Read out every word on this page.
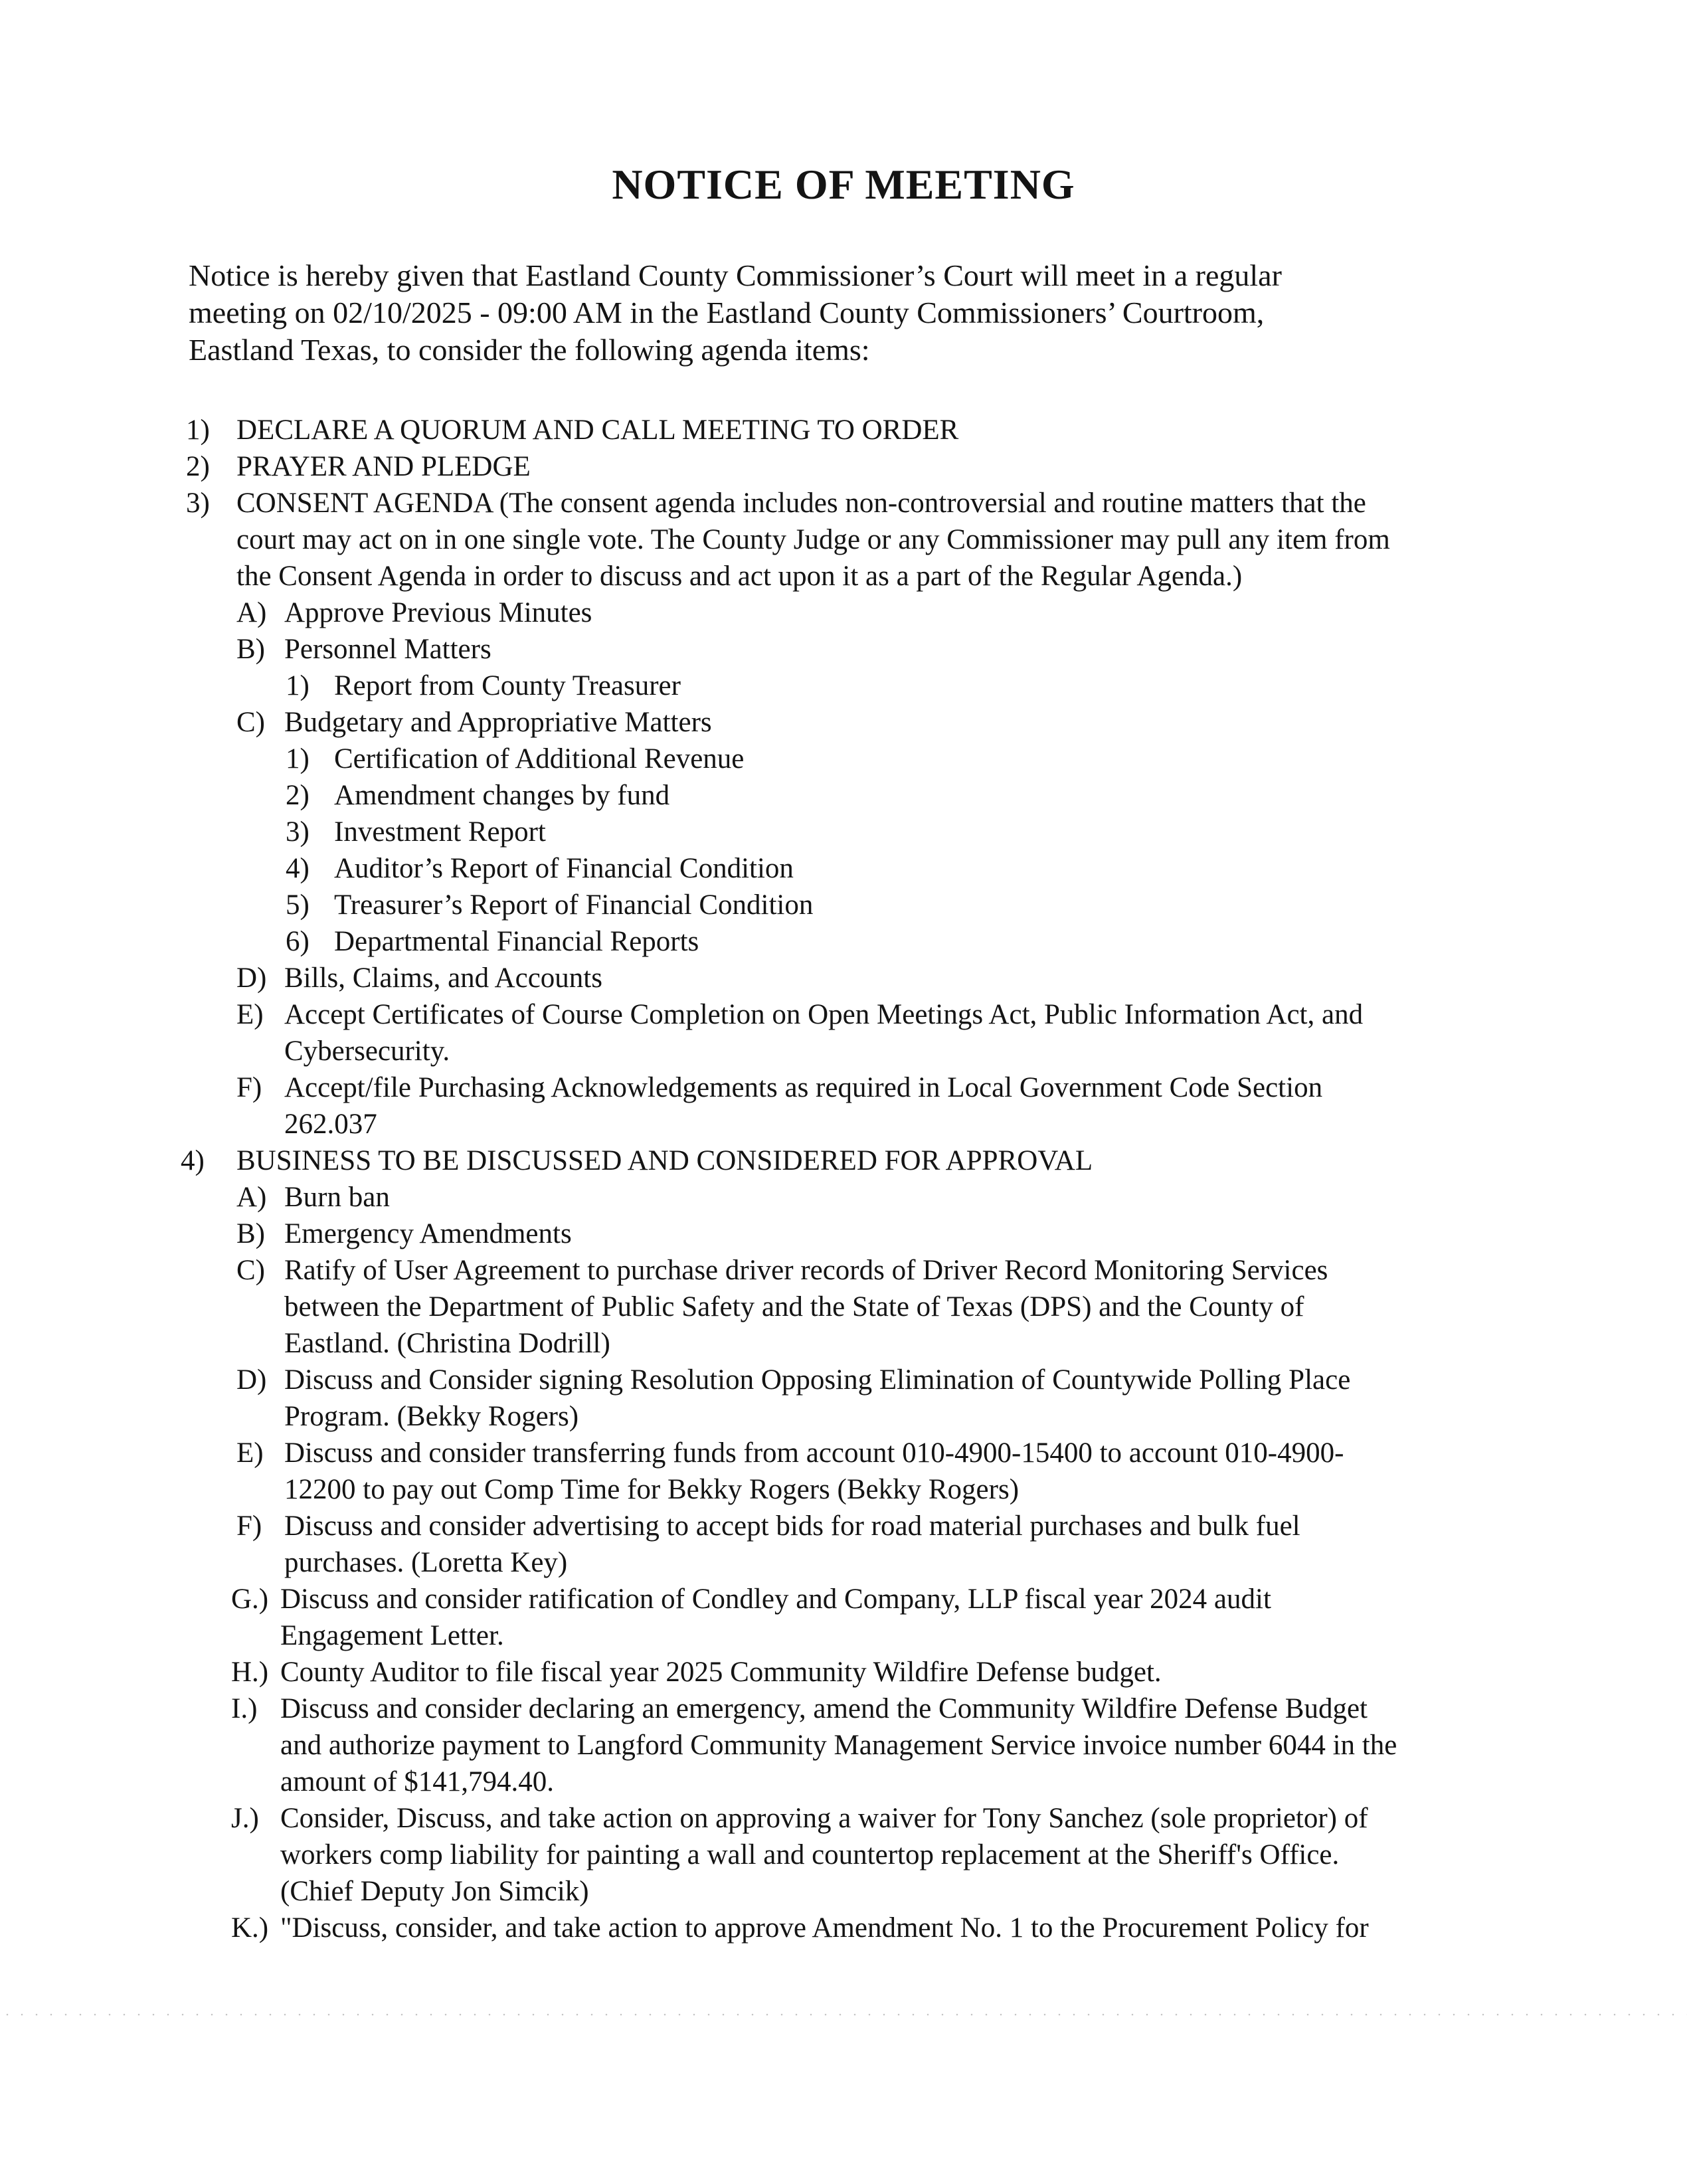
NOTICE OF MEETING
Notice is hereby given that Eastland County Commissioner’s Court will meet in a regular
meeting on 02/10/2025 - 09:00 AM in the Eastland County Commissioners’ Courtroom,
Eastland Texas, to consider the following agenda items:
1) DECLARE A QUORUM AND CALL MEETING TO ORDER
2) PRAYER AND PLEDGE
3) CONSENT AGENDA (The consent agenda includes non-controversial and routine matters that the
court may act on in one single vote. The County Judge or any Commissioner may pull any item from
the Consent Agenda in order to discuss and act upon it as a part of the Regular Agenda.)
A) Approve Previous Minutes
B) Personnel Matters
1) Report from County Treasurer
C) Budgetary and Appropriative Matters
1) Certification of Additional Revenue
2) Amendment changes by fund
3) Investment Report
4) Auditor’s Report of Financial Condition
5) Treasurer’s Report of Financial Condition
6) Departmental Financial Reports
D) Bills, Claims, and Accounts
E) Accept Certificates of Course Completion on Open Meetings Act, Public Information Act, and
Cybersecurity.
F) Accept/file Purchasing Acknowledgements as required in Local Government Code Section
262.037
4) BUSINESS TO BE DISCUSSED AND CONSIDERED FOR APPROVAL
A) Burn ban
B) Emergency Amendments
C) Ratify of User Agreement to purchase driver records of Driver Record Monitoring Services
between the Department of Public Safety and the State of Texas (DPS) and the County of
Eastland. (Christina Dodrill)
D) Discuss and Consider signing Resolution Opposing Elimination of Countywide Polling Place
Program. (Bekky Rogers)
E) Discuss and consider transferring funds from account 010-4900-15400 to account 010-4900-
12200 to pay out Comp Time for Bekky Rogers (Bekky Rogers)
F) Discuss and consider advertising to accept bids for road material purchases and bulk fuel
purchases. (Loretta Key)
G.) Discuss and consider ratification of Condley and Company, LLP fiscal year 2024 audit
Engagement Letter.
H.) County Auditor to file fiscal year 2025 Community Wildfire Defense budget.
I.) Discuss and consider declaring an emergency, amend the Community Wildfire Defense Budget
and authorize payment to Langford Community Management Service invoice number 6044 in the
amount of $141,794.40.
J.) Consider, Discuss, and take action on approving a waiver for Tony Sanchez (sole proprietor) of
workers comp liability for painting a wall and countertop replacement at the Sheriff's Office.
(Chief Deputy Jon Simcik)
K.) "Discuss, consider, and take action to approve Amendment No. 1 to the Procurement Policy for
